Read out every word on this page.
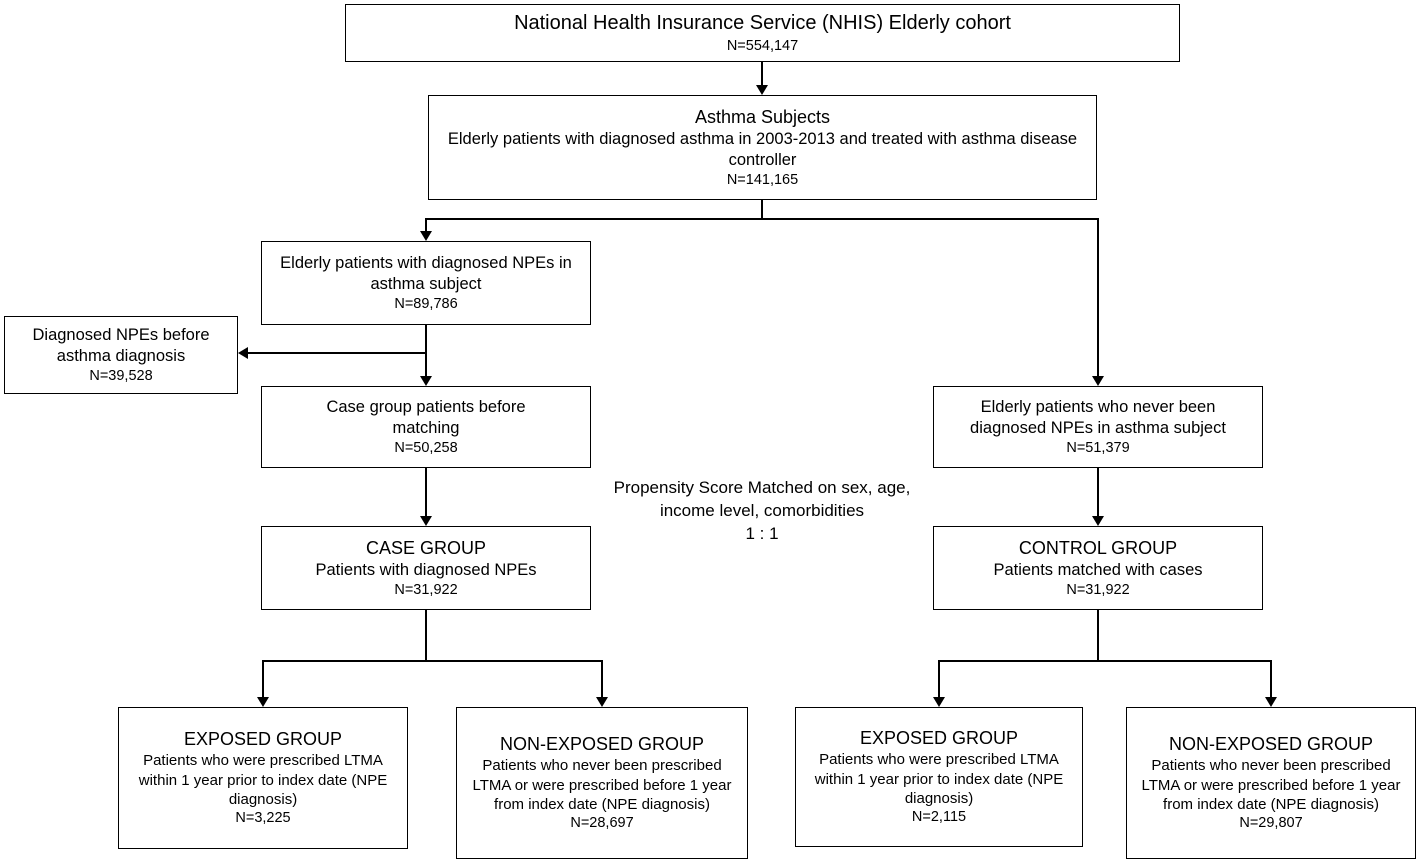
National Health Insurance Service (NHIS) Elderly cohort
N=554,147
Asthma Subjects
Elderly patients with diagnosed asthma in 2003-2013 and treated with asthma disease controller
N=141,165
Elderly patients with diagnosed NPEs in asthma subject
N=89,786
Diagnosed NPEs before asthma diagnosis
N=39,528
Case group patients before matching
N=50,258
CASE GROUP
Patients with diagnosed NPEs
N=31,922
Elderly patients who never been diagnosed NPEs in asthma subject
N=51,379
CONTROL GROUP
Patients matched with cases
N=31,922
EXPOSED GROUP
Patients who were prescribed LTMA within 1 year prior to index date (NPE diagnosis)
N=3,225
NON-EXPOSED GROUP
Patients who never been prescribed LTMA or were prescribed before 1 year from index date (NPE diagnosis)
N=28,697
EXPOSED GROUP
Patients who were prescribed LTMA within 1 year prior to index date (NPE diagnosis)
N=2,115
NON-EXPOSED GROUP
Patients who never been prescribed LTMA or were prescribed before 1 year from index date (NPE diagnosis)
N=29,807
Propensity Score Matched on sex, age, income level, comorbidities
1 : 1
